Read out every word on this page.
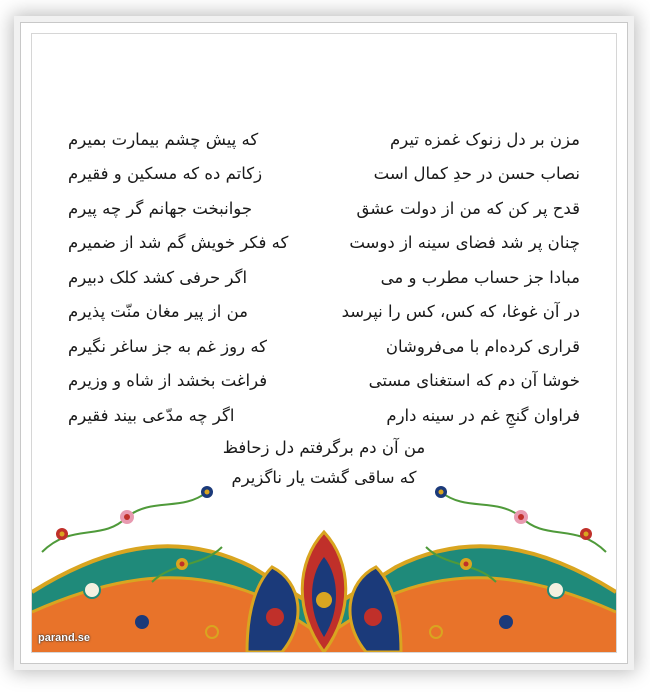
مزن بر دل زنوک غمزه تیرم
که پیش چشم بیمارت بمیرم
نصاب حسن در حدِ کمال است
زکاتم ده که مسکین و فقیرم
قدح پر کن که من از دولت عشق
جوانبخت جهانم گر چه پیرم
چنان پر شد فضای سینه از دوست
که فکر خویش گم شد از ضمیرم
مبادا جز حساب مطرب و می
اگر حرفی کشد کلک دبیرم
در آن غوغا، که کس، کس را نپرسد
من از پیر مغان منّت پذیرم
قراری کرده‌ام با می‌فروشان
که روز غم به جز ساغر نگیرم
خوشا آن دم که استغنای مستی
فراغت بخشد از شاه و وزیرم
فراوان گنجِ غم در سینه دارم
اگر چه مدّعی بیند فقیرم
من آن دم برگرفتم دل زحافظ
که ساقی گشت یار ناگزیرم
parand.se
